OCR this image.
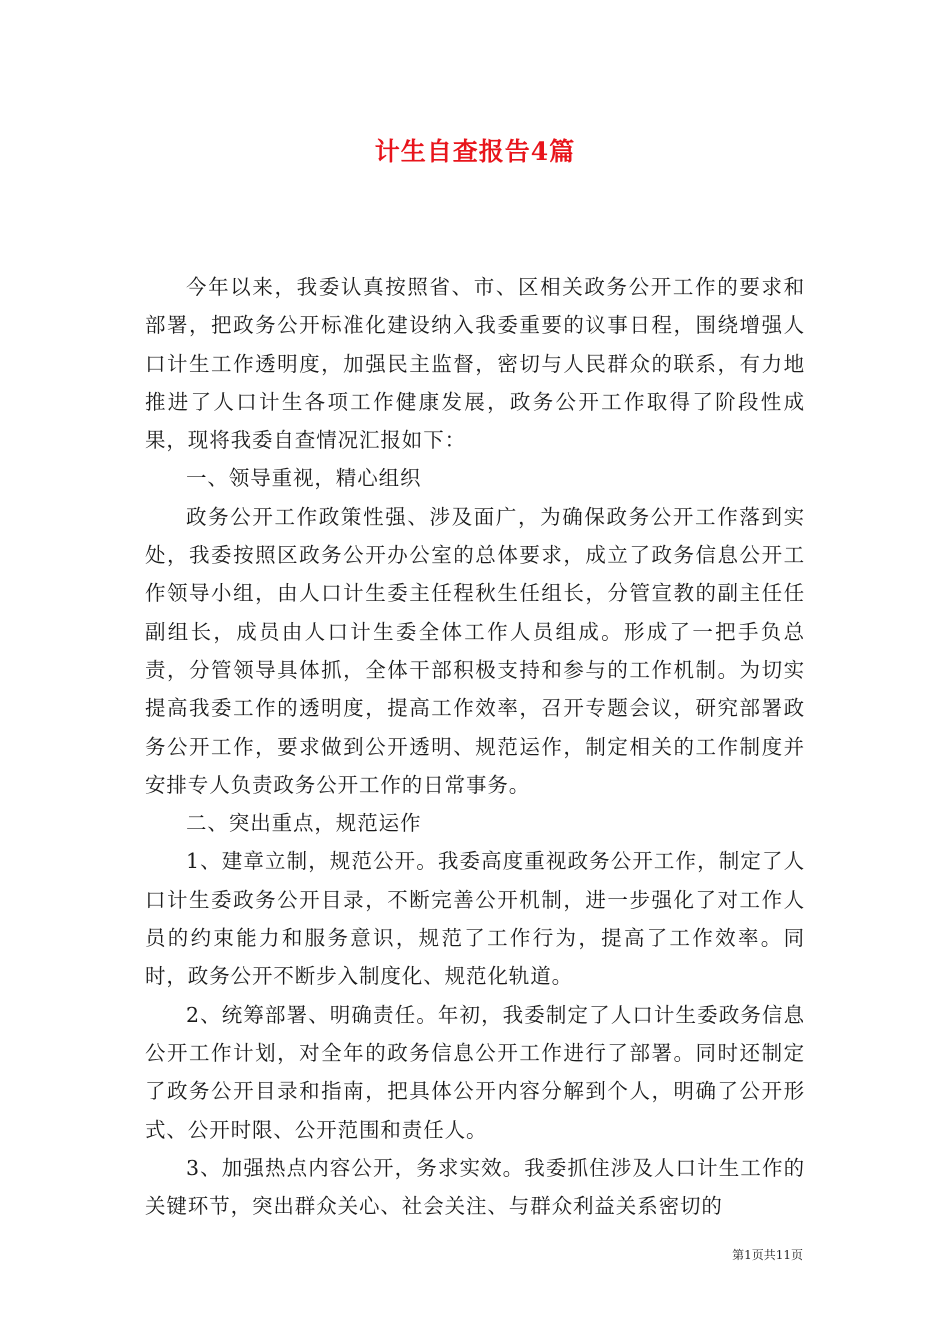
计生自查报告4篇

今年以来，我委认真按照省、市、区相关政务公开工作的要求和部署，把政务公开标准化建设纳入我委重要的议事日程，围绕增强人口计生工作透明度，加强民主监督，密切与人民群众的联系，有力地推进了人口计生各项工作健康发展，政务公开工作取得了阶段性成果，现将我委自查情况汇报如下：

一、领导重视，精心组织

政务公开工作政策性强、涉及面广，为确保政务公开工作落到实处，我委按照区政务公开办公室的总体要求，成立了政务信息公开工作领导小组，由人口计生委主任程秋生任组长，分管宣教的副主任任副组长，成员由人口计生委全体工作人员组成。形成了一把手负总责，分管领导具体抓，全体干部积极支持和参与的工作机制。为切实提高我委工作的透明度，提高工作效率，召开专题会议，研究部署政务公开工作，要求做到公开透明、规范运作，制定相关的工作制度并安排专人负责政务公开工作的日常事务。

二、突出重点，规范运作

1、建章立制，规范公开。我委高度重视政务公开工作，制定了人口计生委政务公开目录，不断完善公开机制，进一步强化了对工作人员的约束能力和服务意识，规范了工作行为，提高了工作效率。同时，政务公开不断步入制度化、规范化轨道。

2、统筹部署、明确责任。年初，我委制定了人口计生委政务信息公开工作计划，对全年的政务信息公开工作进行了部署。同时还制定了政务公开目录和指南，把具体公开内容分解到个人，明确了公开形式、公开时限、公开范围和责任人。

3、加强热点内容公开，务求实效。我委抓住涉及人口计生工作的关键环节，突出群众关心、社会关注、与群众利益关系密切的

第1页共11页
